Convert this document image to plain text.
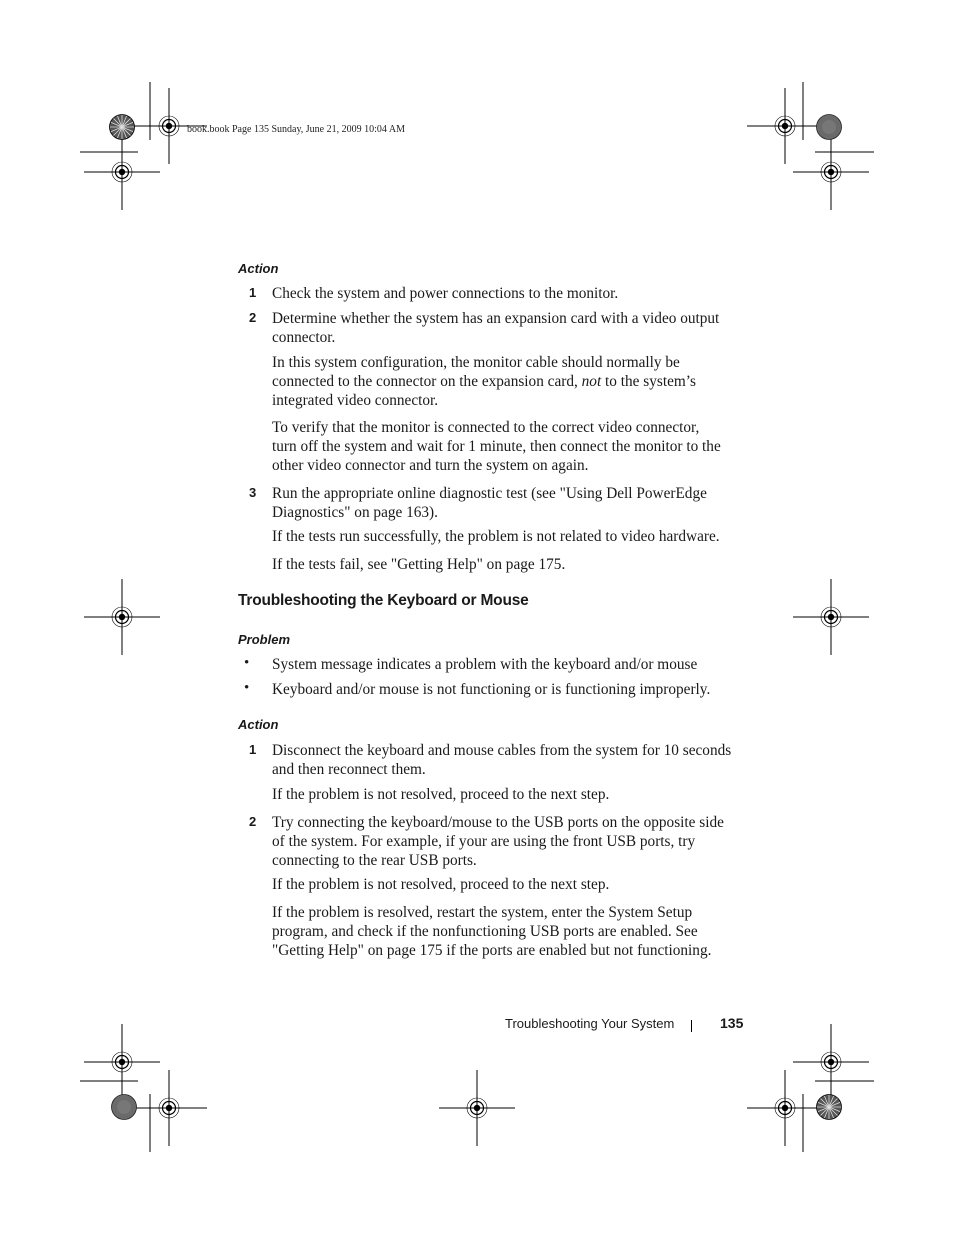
book.book Page 135 Sunday, June 21, 2009 10:04 AM
Action
1 Check the system and power connections to the monitor.
2 Determine whether the system has an expansion card with a video output
connector.
In this system configuration, the monitor cable should normally be
connected to the connector on the expansion card, not to the system’s
integrated video connector.
To verify that the monitor is connected to the correct video connector,
turn off the system and wait for 1 minute, then connect the monitor to the
other video connector and turn the system on again.
3 Run the appropriate online diagnostic test (see "Using Dell PowerEdge
Diagnostics" on page 163).
If the tests run successfully, the problem is not related to video hardware.
If the tests fail, see "Getting Help" on page 175.
Troubleshooting the Keyboard or Mouse
Problem
• System message indicates a problem with the keyboard and/or mouse
• Keyboard and/or mouse is not functioning or is functioning improperly.
Action
1 Disconnect the keyboard and mouse cables from the system for 10 seconds
and then reconnect them.
If the problem is not resolved, proceed to the next step.
2 Try connecting the keyboard/mouse to the USB ports on the opposite side
of the system. For example, if your are using the front USB ports, try
connecting to the rear USB ports.
If the problem is not resolved, proceed to the next step.
If the problem is resolved, restart the system, enter the System Setup
program, and check if the nonfunctioning USB ports are enabled. See
"Getting Help" on page 175 if the ports are enabled but not functioning.
Troubleshooting Your System	135
